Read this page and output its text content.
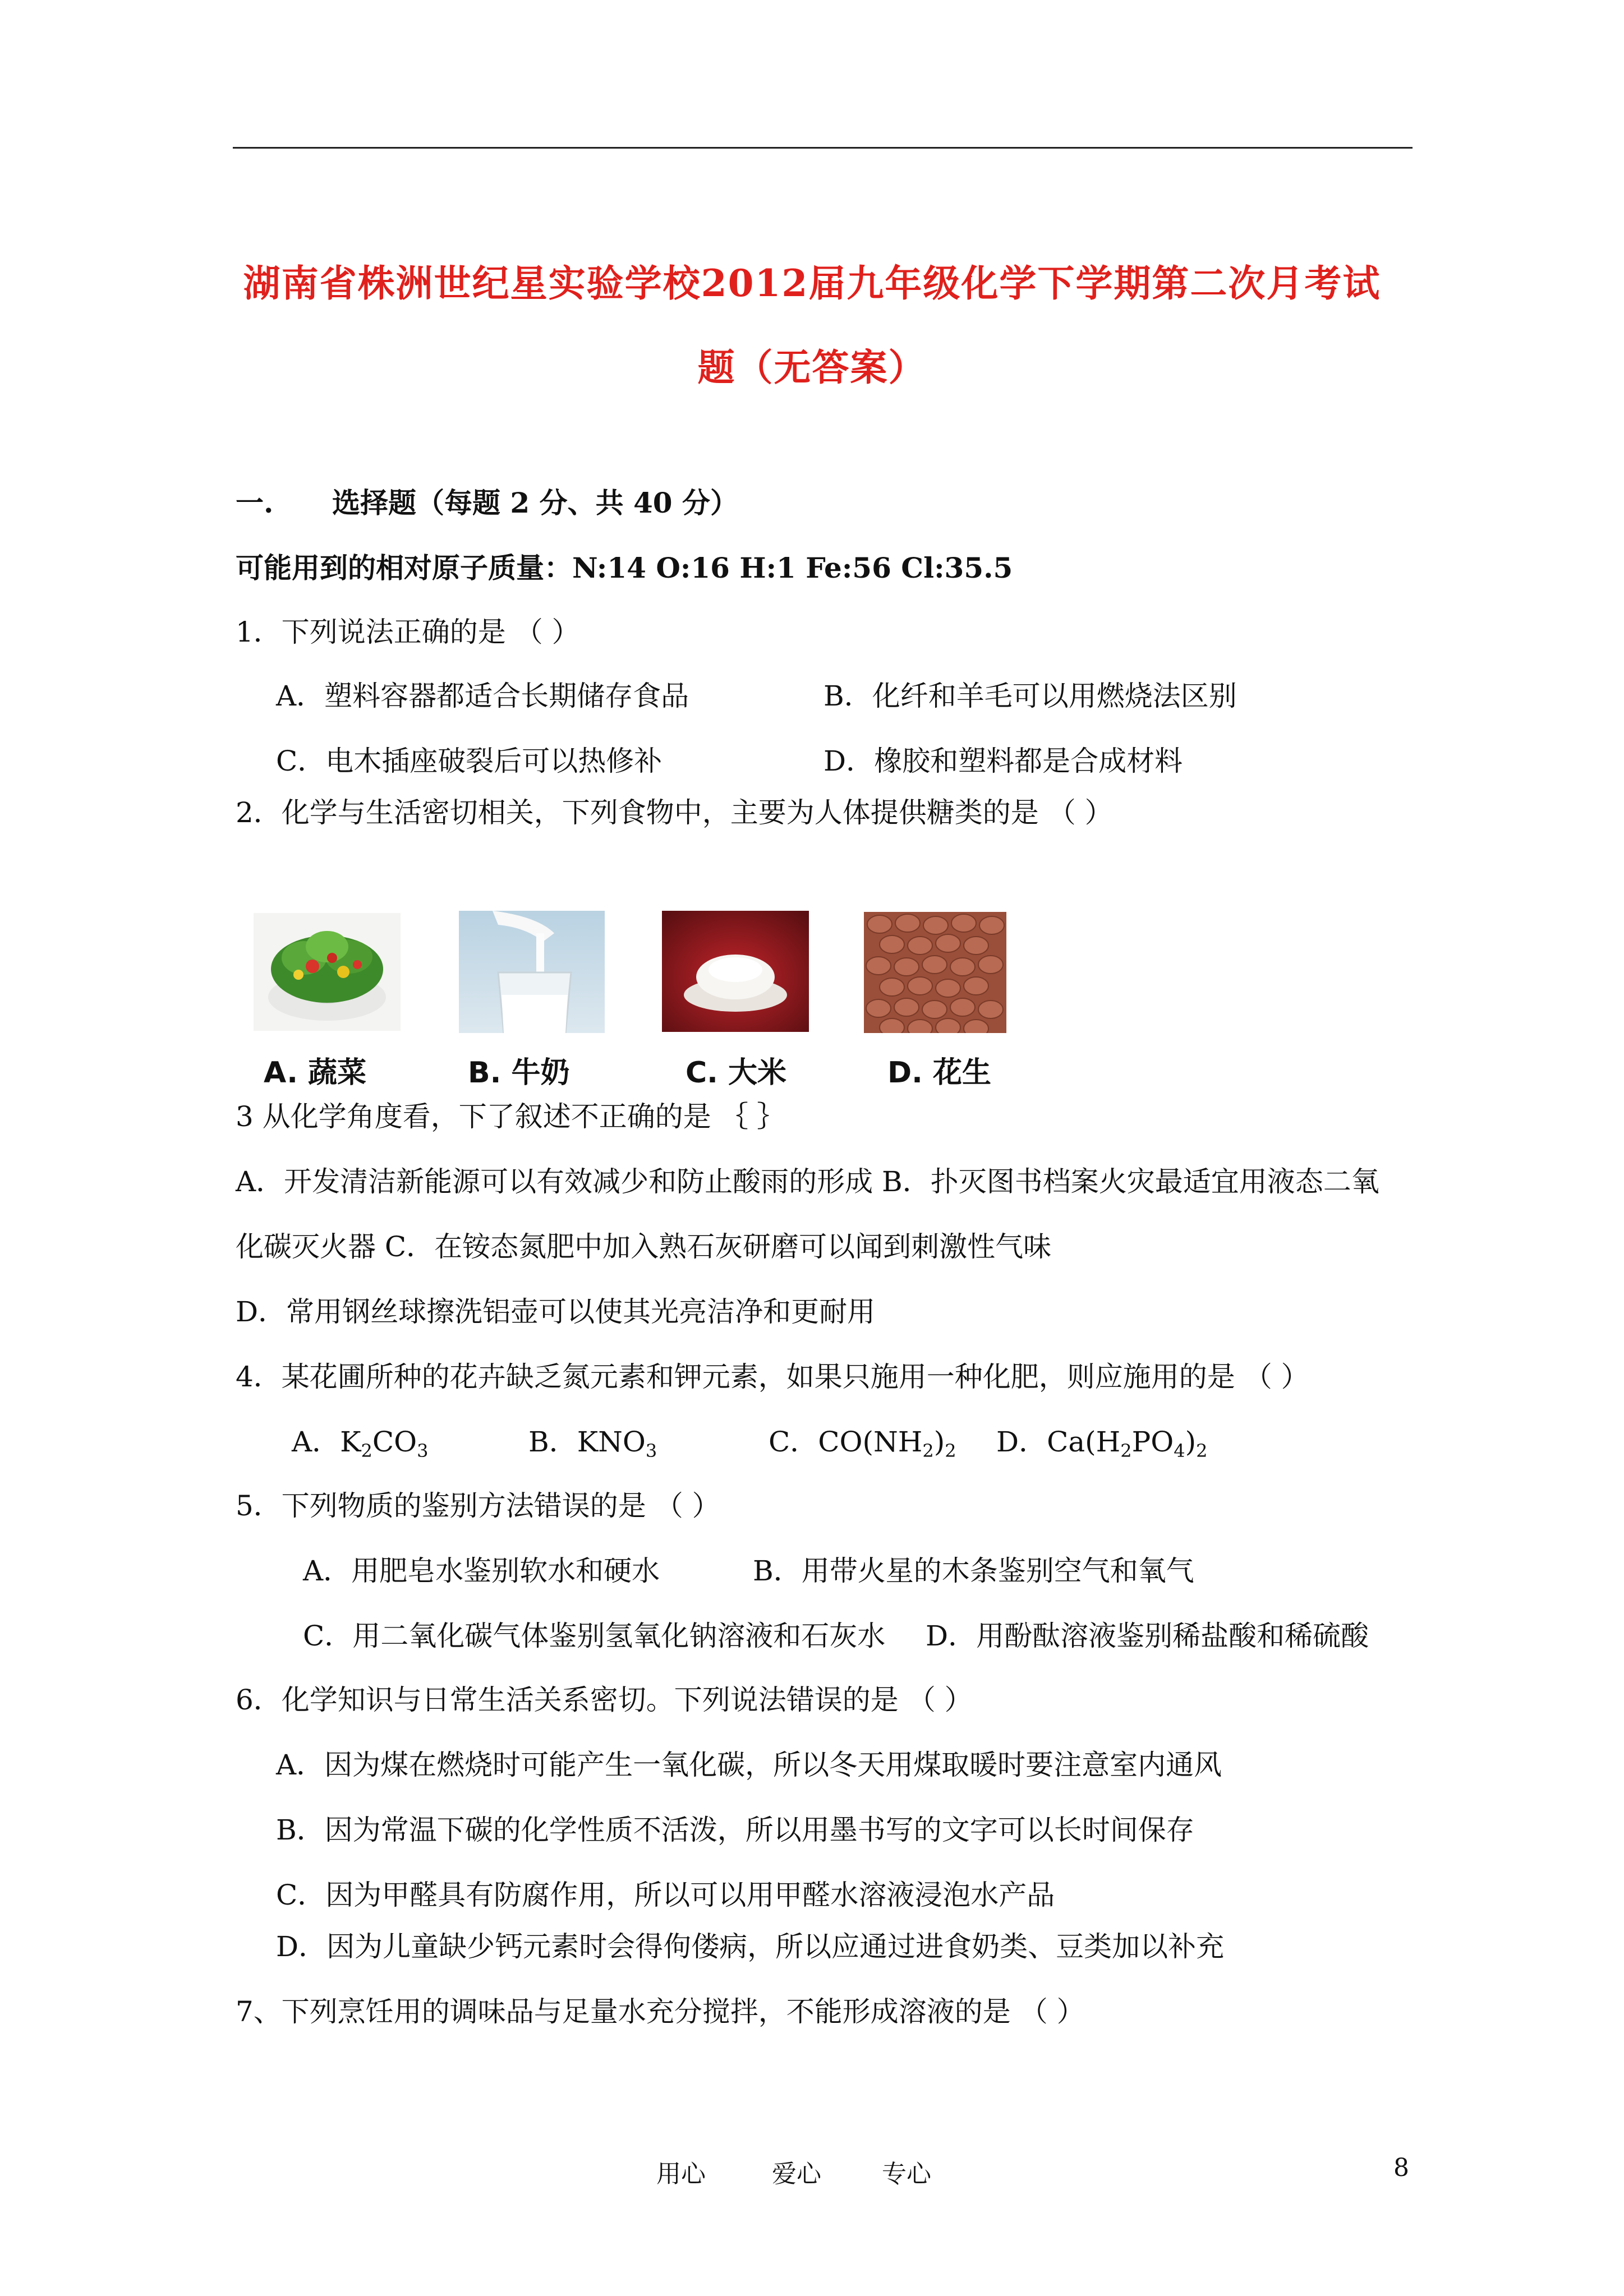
湖南省株洲世纪星实验学校2012届九年级化学下学期第二次月考试
题（无答案）
一. 选择题（每题 2 分、共 40 分）
可能用到的相对原子质量：N:14 O:16 H:1 Fe:56 Cl:35.5
1．下列说法正确的是 （ ）
A．塑料容器都适合长期储存食品	B．化纤和羊毛可以用燃烧法区别
C．电木插座破裂后可以热修补	D．橡胶和塑料都是合成材料
2．化学与生活密切相关，下列食物中，主要为人体提供糖类的是 （ ）
A. 蔬菜	B. 牛奶	C. 大米	D. 花生
3 从化学角度看，下了叙述不正确的是 ｛ ｝
A．开发清洁新能源可以有效减少和防止酸雨的形成 B．扑灭图书档案火灾最适宜用液态二氧
化碳灭火器 C．在铵态氮肥中加入熟石灰研磨可以闻到刺激性气味
D．常用钢丝球擦洗铝壶可以使其光亮洁净和更耐用
4．某花圃所种的花卉缺乏氮元素和钾元素，如果只施用一种化肥，则应施用的是 （ ）
A．$K_2CO_3$	B．$KNO_3$	C．$CO(NH_2)_2$ D．$Ca(H_2PO_4)_2$
5．下列物质的鉴别方法错误的是 （ ）
A．用肥皂水鉴别软水和硬水	B．用带火星的木条鉴别空气和氧气
C．用二氧化碳气体鉴别氢氧化钠溶液和石灰水 D．用酚酞溶液鉴别稀盐酸和稀硫酸
6．化学知识与日常生活关系密切。下列说法错误的是 （ ）
A．因为煤在燃烧时可能产生一氧化碳，所以冬天用煤取暖时要注意室内通风
B．因为常温下碳的化学性质不活泼，所以用墨书写的文字可以长时间保存
C．因为甲醛具有防腐作用，所以可以用甲醛水溶液浸泡水产品
D．因为儿童缺少钙元素时会得佝偻病，所以应通过进食奶类、豆类加以补充
7、下列烹饪用的调味品与足量水充分搅拌，不能形成溶液的是 （ ）
用心	爱心 专心	8
